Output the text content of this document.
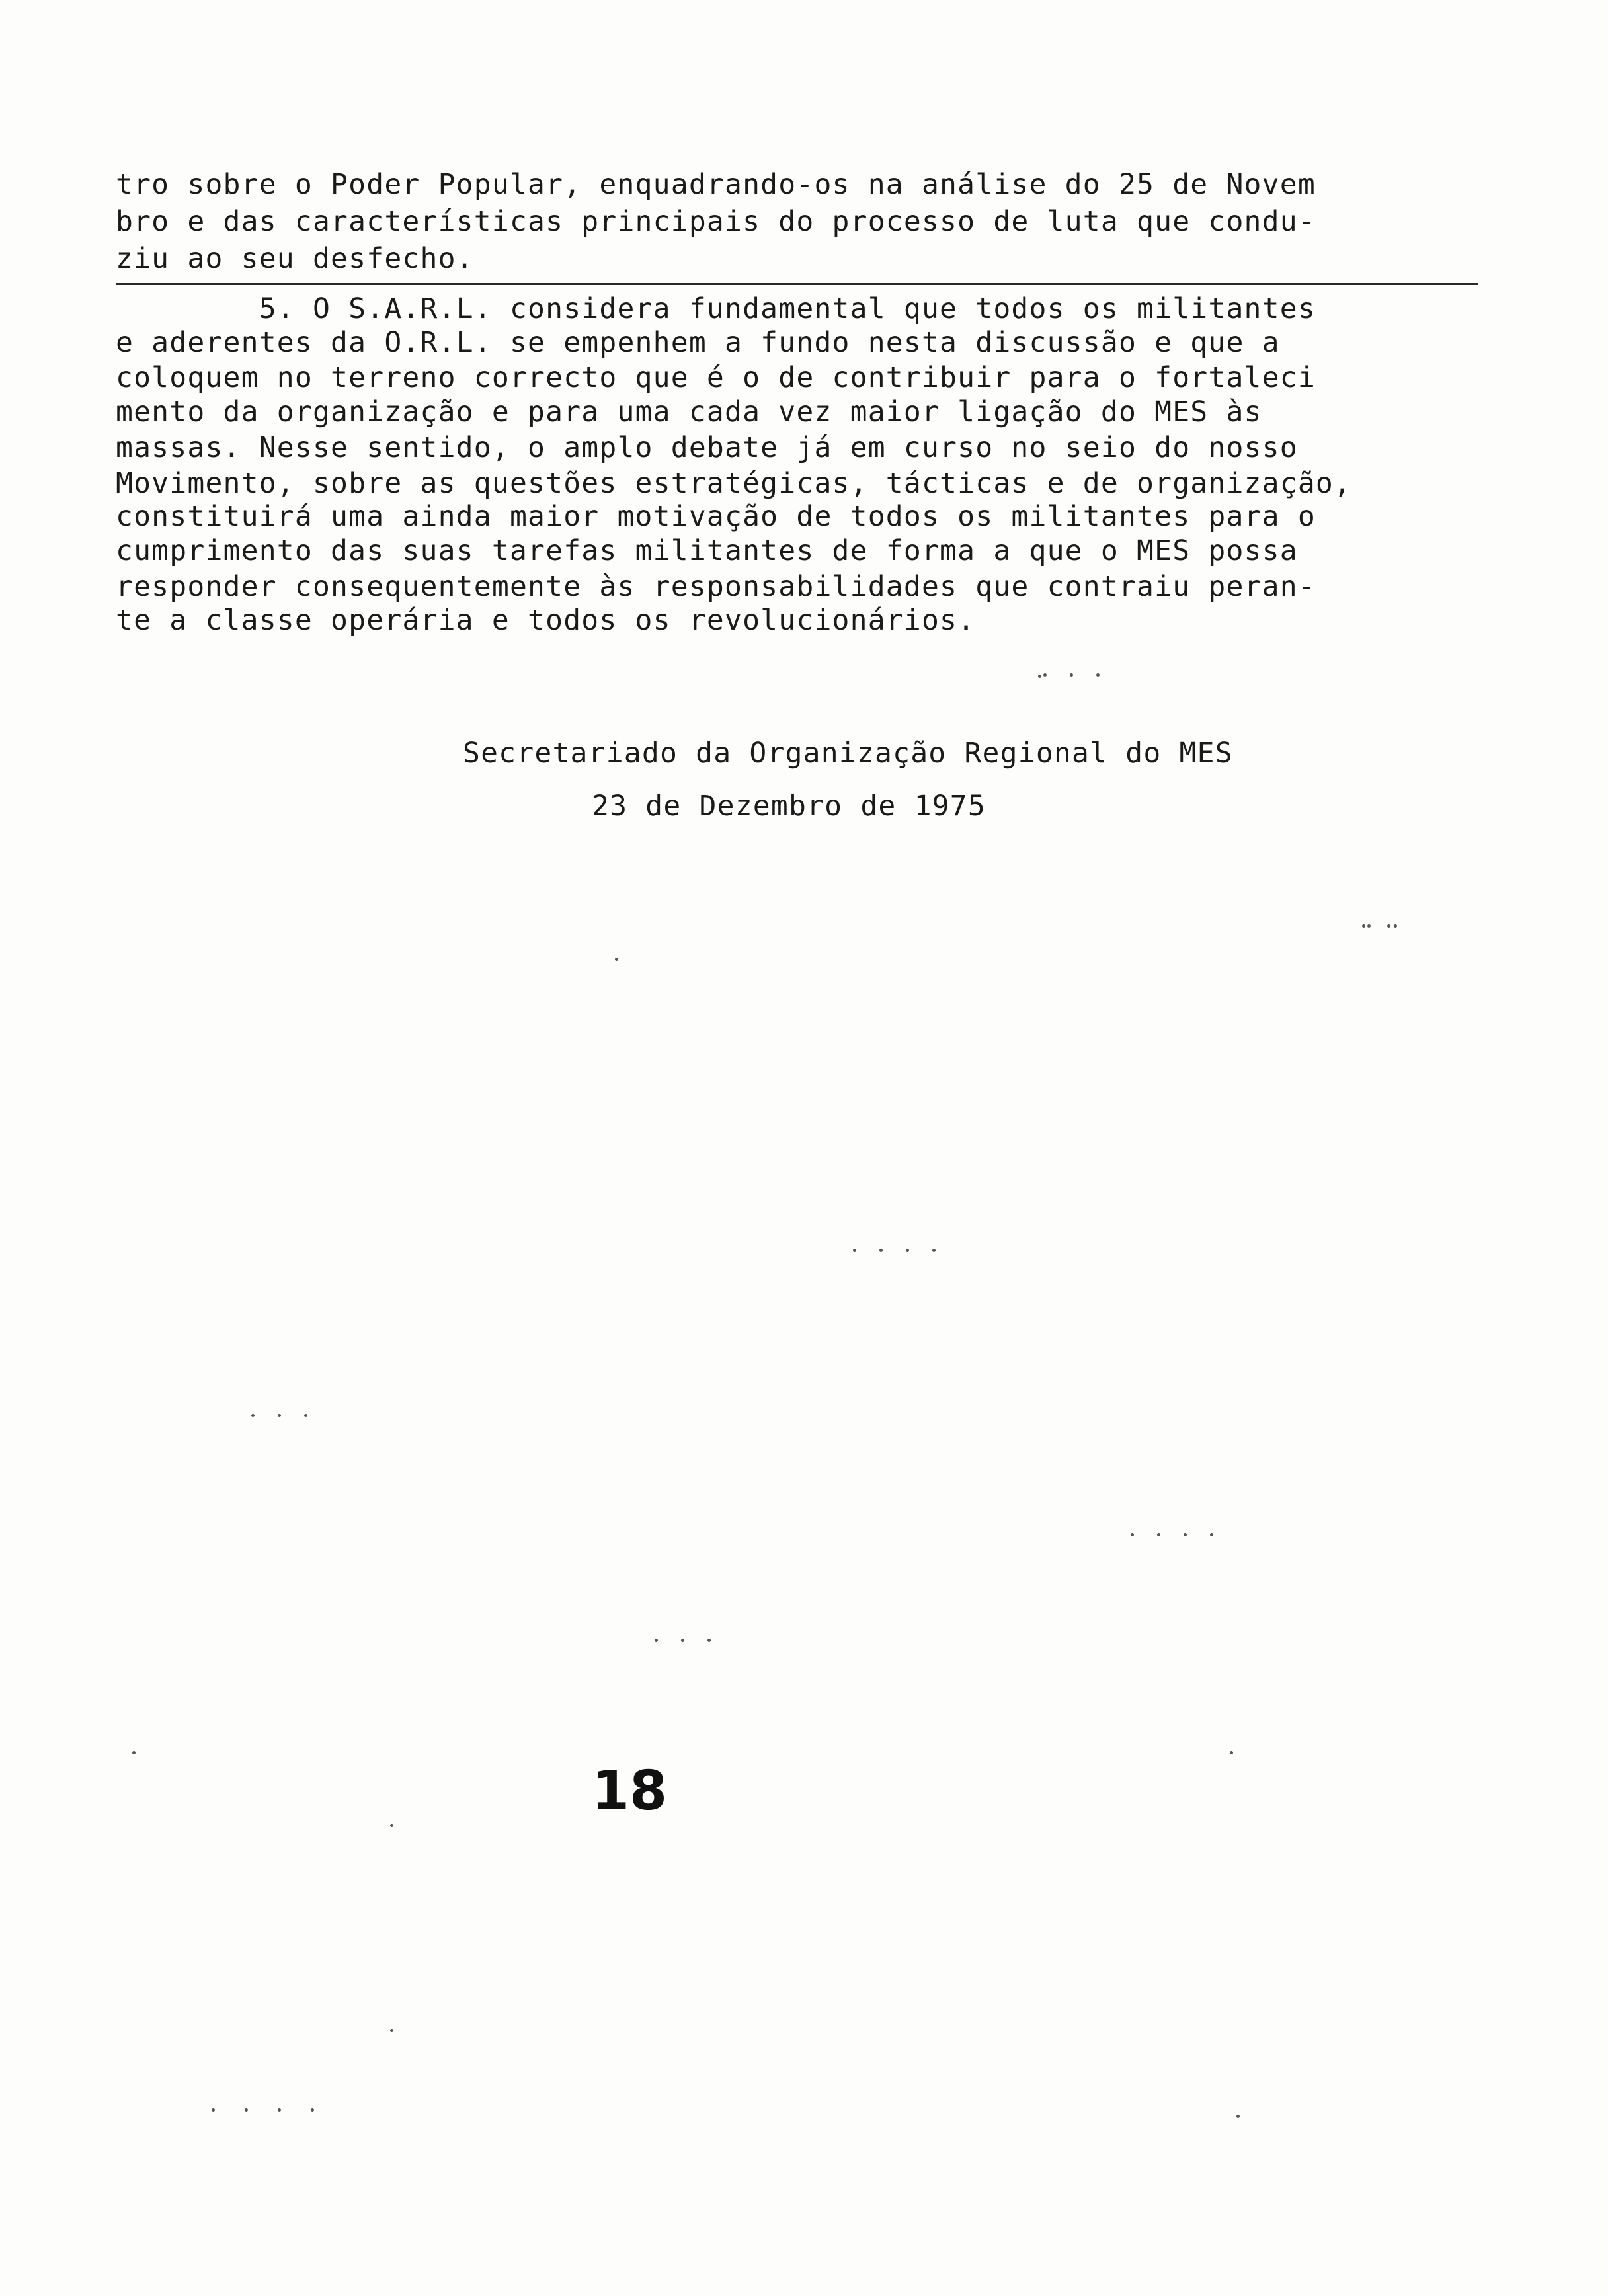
tro sobre o Poder Popular, enquadrando-os na análise do 25 de Novem
bro e das características principais do processo de luta que condu-
ziu ao seu desfecho.
5. O S.A.R.L. considera fundamental que todos os militantes
e aderentes da O.R.L. se empenhem a fundo nesta discussão e que a
coloquem no terreno correcto que é o de contribuir para o fortaleci
mento da organização e para uma cada vez maior ligação do MES às
massas. Nesse sentido, o amplo debate já em curso no seio do nosso
Movimento, sobre as questões estratégicas, tácticas e de organização,
constituirá uma ainda maior motivação de todos os militantes para o
cumprimento das suas tarefas militantes de forma a que o MES possa
responder consequentemente às responsabilidades que contraiu peran-
te a classe operária e todos os revolucionários.
Secretariado da Organização Regional do MES
23 de Dezembro de 1975
18
